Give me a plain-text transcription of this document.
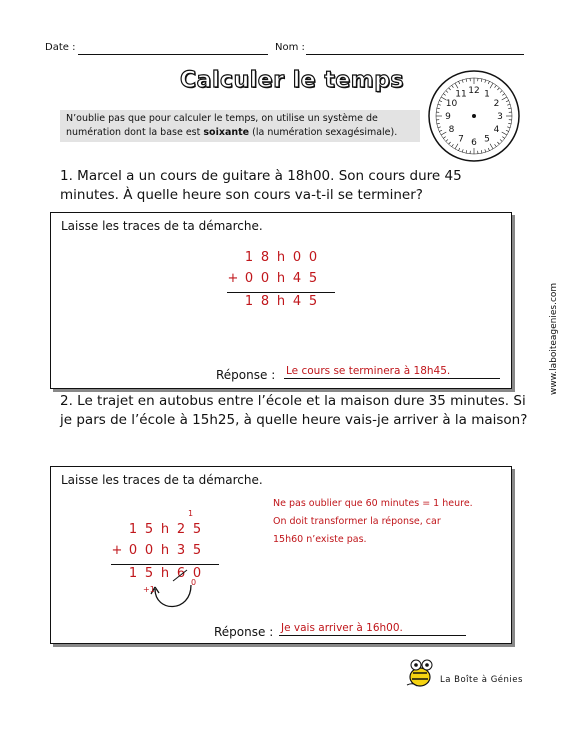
Date :	Nom :
Calculer le temps	12 1
2
3
4
5
6
7
8
9
10
11
N’oublie pas que pour calculer le temps, on utilise un système de numération dont la base est soixante (la numération sexagésimale).
www.laboiteagenies.com
1. Marcel a un cours de guitare à 18h00. Son cours dure 45 minutes. À quelle heure son cours va-t-il se terminer?
Laisse les traces de ta démarche.
1 8 h 0 0
+ 0 0 h 4 5
1 8 h 4 5
Réponse : Le cours se terminera à 18h45.
2. Le trajet en autobus entre l’école et la maison dure 35 minutes. Si je pars de l’école à 15h25, à quelle heure vais-je arriver à la maison?
Laisse les traces de ta démarche.
1
1 5 h 2 5
+ 0 0 h 3 5
1 5 h 6 0
0
+1
Ne pas oublier que 60 minutes = 1 heure.
On doit transformer la réponse, car
15h60 n’existe pas.
Réponse : Je vais arriver à 16h00.
La Boîte à Génies
